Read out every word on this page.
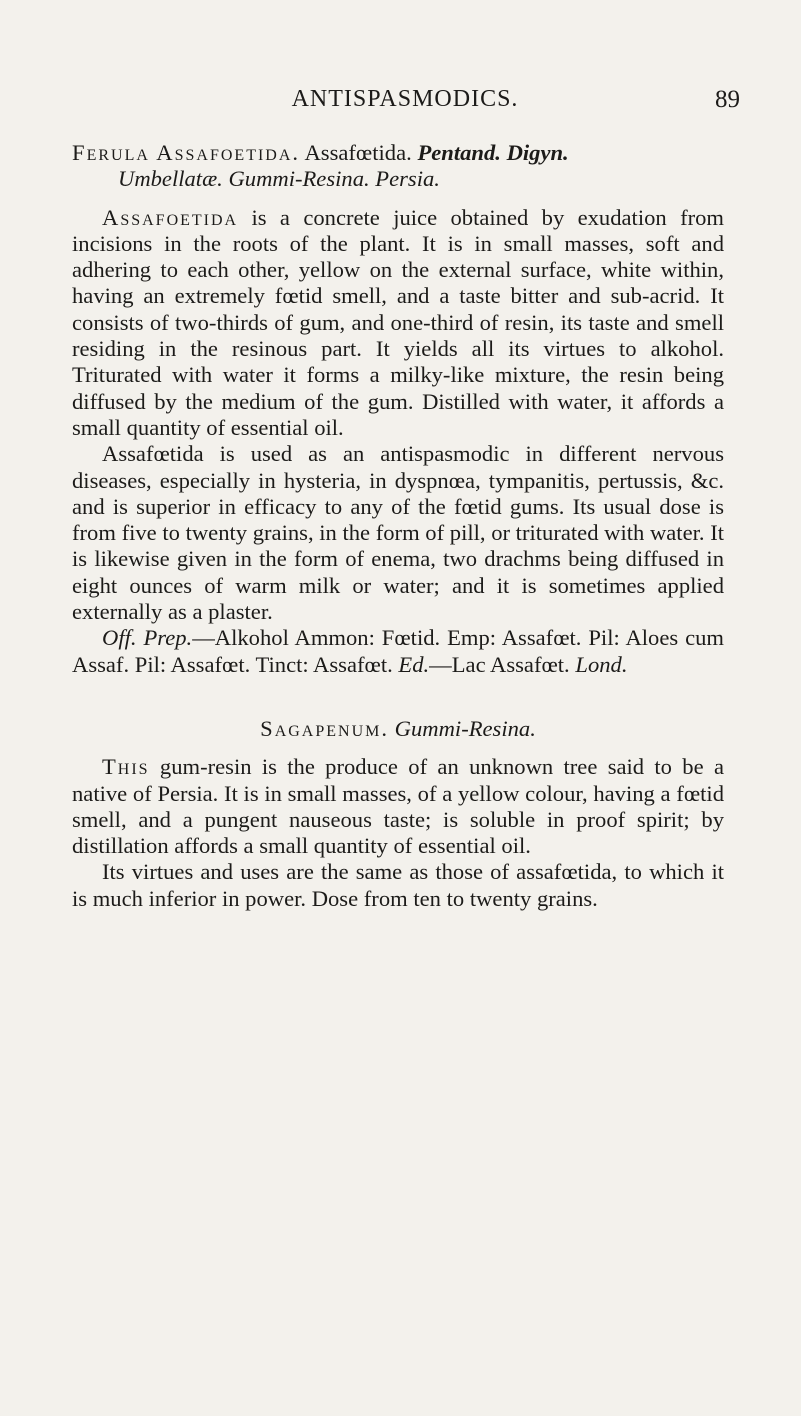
ANTISPASMODICS.	89

Ferula Assafoetida. Assafœtida. Pentand. Digyn.

Umbellatæ. Gummi-Resina. Persia.

Assafoetida is a concrete juice obtained by exudation from incisions in the roots of the plant. It is in small masses, soft and adhering to each other, yellow on the external surface, white within, having an extremely fœtid smell, and a taste bitter and sub-acrid. It consists of two-thirds of gum, and one-third of resin, its taste and smell residing in the resinous part. It yields all its virtues to alkohol. Triturated with water it forms a milky-like mixture, the resin being diffused by the medium of the gum. Distilled with water, it affords a small quantity of essential oil.

Assafœtida is used as an antispasmodic in different nervous diseases, especially in hysteria, in dyspnœa, tympanitis, pertussis, &c. and is superior in efficacy to any of the fœtid gums. Its usual dose is from five to twenty grains, in the form of pill, or triturated with water. It is likewise given in the form of enema, two drachms being diffused in eight ounces of warm milk or water; and it is sometimes applied externally as a plaster.

Off. Prep.—Alkohol Ammon: Fœtid. Emp: Assafœt. Pil: Aloes cum Assaf. Pil: Assafœt. Tinct: Assafœt. Ed.—Lac Assafœt. Lond.

Sagapenum. Gummi-Resina.

This gum-resin is the produce of an unknown tree said to be a native of Persia. It is in small masses, of a yellow colour, having a fœtid smell, and a pungent nauseous taste; is soluble in proof spirit; by distillation affords a small quantity of essential oil.

Its virtues and uses are the same as those of assafœtida, to which it is much inferior in power. Dose from ten to twenty grains.
